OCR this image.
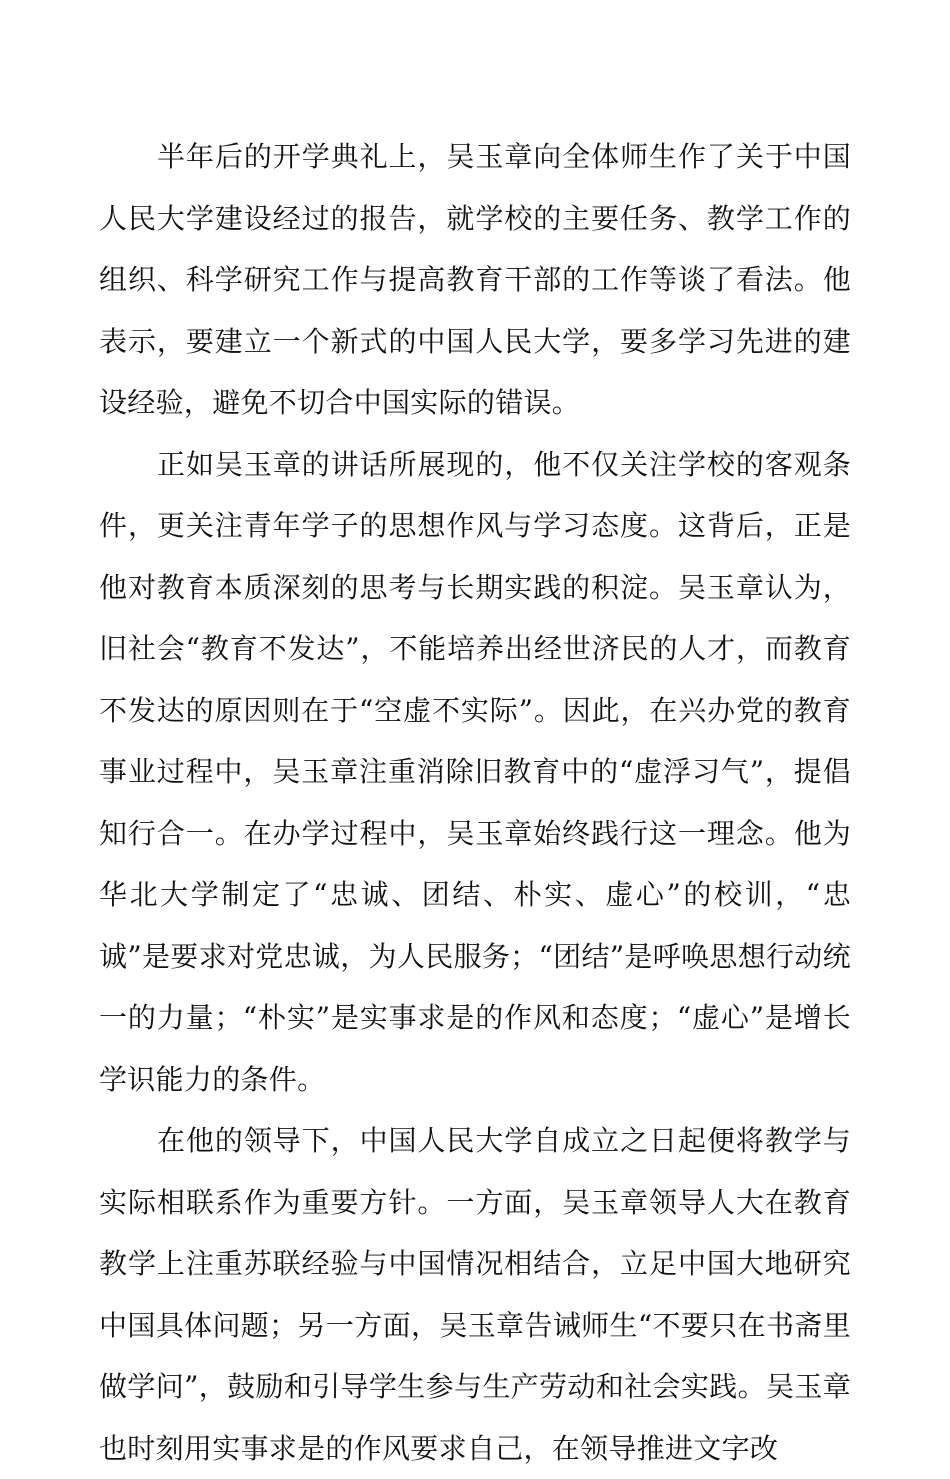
半年后的开学典礼上，吴玉章向全体师生作了关于中国人民大学建设经过的报告，就学校的主要任务、教学工作的组织、科学研究工作与提高教育干部的工作等谈了看法。他表示，要建立一个新式的中国人民大学，要多学习先进的建设经验，避免不切合中国实际的错误。

正如吴玉章的讲话所展现的，他不仅关注学校的客观条件，更关注青年学子的思想作风与学习态度。这背后，正是他对教育本质深刻的思考与长期实践的积淀。吴玉章认为，旧社会“教育不发达”，不能培养出经世济民的人才，而教育不发达的原因则在于“空虚不实际”。因此，在兴办党的教育事业过程中，吴玉章注重消除旧教育中的“虚浮习气”，提倡知行合一。在办学过程中，吴玉章始终践行这一理念。他为华北大学制定了“忠诚、团结、朴实、虚心”的校训，“忠诚”是要求对党忠诚，为人民服务；“团结”是呼唤思想行动统一的力量；“朴实”是实事求是的作风和态度；“虚心”是增长学识能力的条件。

在他的领导下，中国人民大学自成立之日起便将教学与实际相联系作为重要方针。一方面，吴玉章领导人大在教育教学上注重苏联经验与中国情况相结合，立足中国大地研究中国具体问题；另一方面，吴玉章告诫师生“不要只在书斋里做学问”，鼓励和引导学生参与生产劳动和社会实践。吴玉章也时刻用实事求是的作风要求自己，在领导推进文字改
